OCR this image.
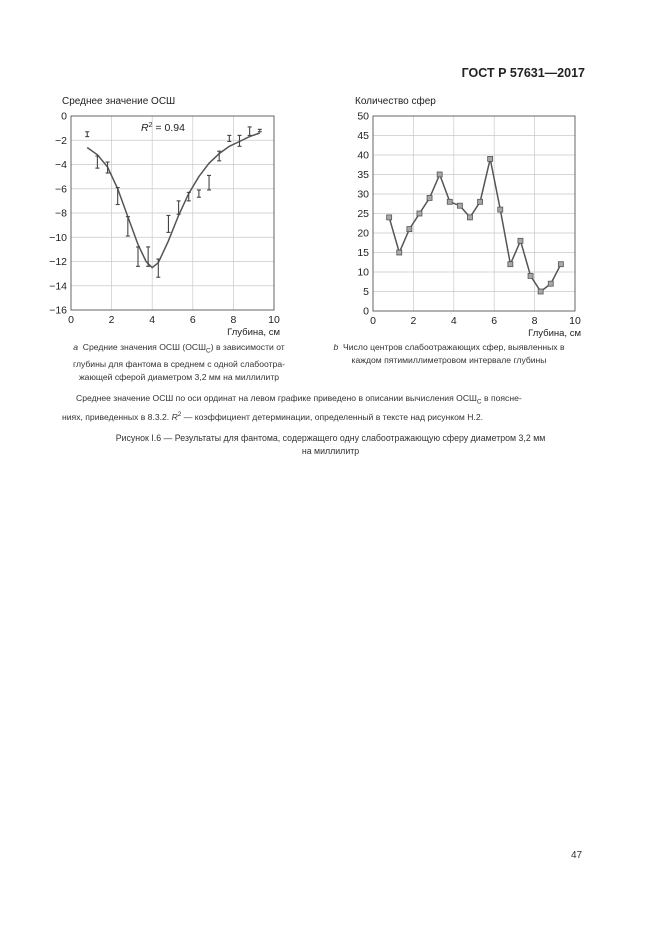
ГОСТ Р 57631—2017
Среднее значение ОСШ	Количество сфер
0	2	4	6	8	10
0
−2
−4
−6
−8
−10
−12
−14
−16
Глубина, см
$R^2 = 0.94$
0	2	4	6	8	10
0
5
10
15
20
25
30
35
40
45
50
Глубина, см
а Средние значения ОСШ $(ОСШ_С)$ в зависимости от
глубины для фантома в среднем с одной слабоотра-
жающей сферой диаметром 3,2 мм на миллилитр
b Число центров слабоотражающих сфер, выявленных в
каждом пятимиллиметровом интервале глубины
Среднее значение ОСШ по оси ординат на левом графике приведено в описании вычисления $ОСШ_С$ в поясне-
ниях, приведенных в 8.3.2. $R^2$ — коэффициент детерминации, определенный в тексте над рисунком Н.2.
Рисунок I.6 — Результаты для фантома, содержащего одну слабоотражающую сферу диаметром 3,2 мм
на миллилитр
47
